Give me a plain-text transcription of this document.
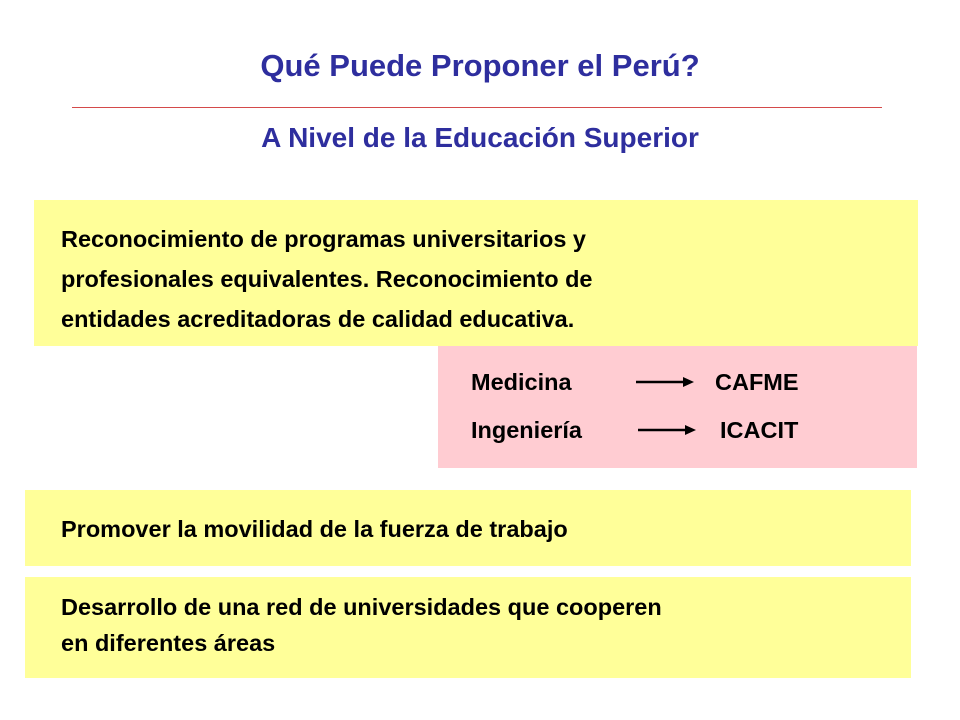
Qué Puede Proponer el Perú?
A Nivel de la Educación Superior
Reconocimiento de programas universitarios y
profesionales equivalentes. Reconocimiento de
entidades acreditadoras de calidad educativa.
Medicina	CAFME
Ingeniería	ICACIT
Promover la movilidad de la fuerza de trabajo
Desarrollo de una red de universidades que cooperen
en diferentes áreas
